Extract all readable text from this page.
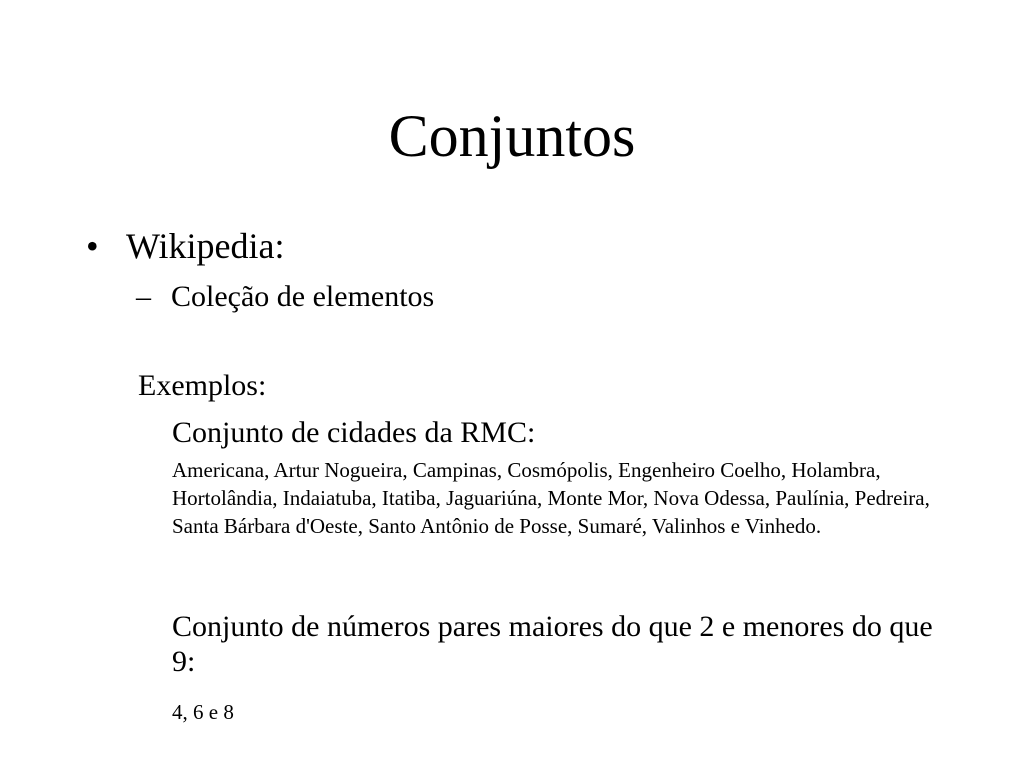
Conjuntos
• Wikipedia:
– Coleção de elementos
Exemplos:
Conjunto de cidades da RMC:
Americana, Artur Nogueira, Campinas, Cosmópolis, Engenheiro Coelho, Holambra, Hortolândia, Indaiatuba, Itatiba, Jaguariúna, Monte Mor, Nova Odessa, Paulínia, Pedreira, Santa Bárbara d'Oeste, Santo Antônio de Posse, Sumaré, Valinhos e Vinhedo.
Conjunto de números pares maiores do que 2 e menores do que 9:
4, 6 e 8
